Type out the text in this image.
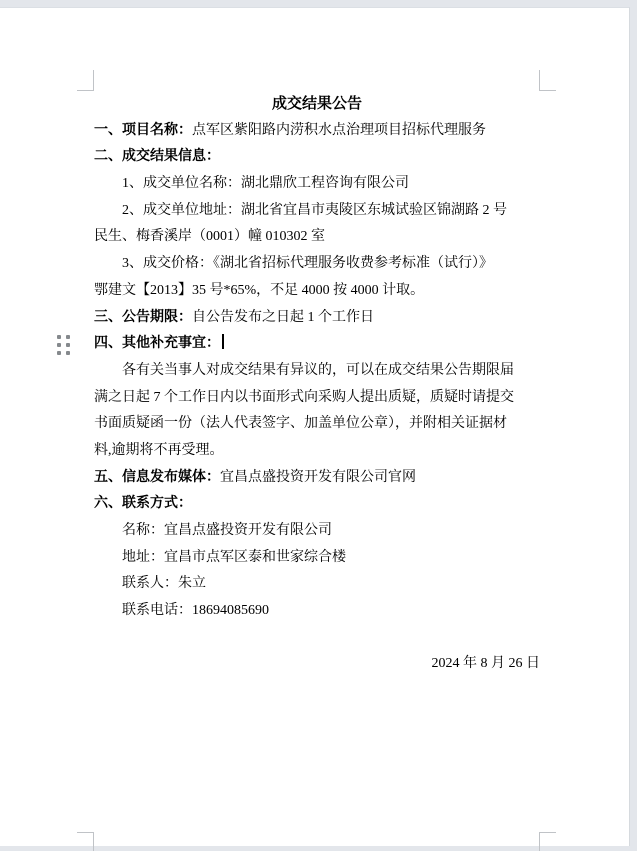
成交结果公告
一、项目名称：点军区紫阳路内涝积水点治理项目招标代理服务
二、成交结果信息：
1、成交单位名称：湖北鼎欣工程咨询有限公司
2、成交单位地址：湖北省宜昌市夷陵区东城试验区锦湖路 2 号
民生、梅香溪岸（0001）幢 010302 室
3、成交价格：《湖北省招标代理服务收费参考标准（试行）》
鄂建文【2013】35 号*65%，不足 4000 按 4000 计取。
三、公告期限：自公告发布之日起 1 个工作日
四、其他补充事宜：
各有关当事人对成交结果有异议的，可以在成交结果公告期限届
满之日起 7 个工作日内以书面形式向采购人提出质疑，质疑时请提交
书面质疑函一份（法人代表签字、加盖单位公章），并附相关证据材
料,逾期将不再受理。
五、信息发布媒体：宜昌点盛投资开发有限公司官网
六、联系方式：
名称：宜昌点盛投资开发有限公司
地址：宜昌市点军区泰和世家综合楼
联系人：朱立
联系电话：18694085690
2024 年 8 月 26 日
